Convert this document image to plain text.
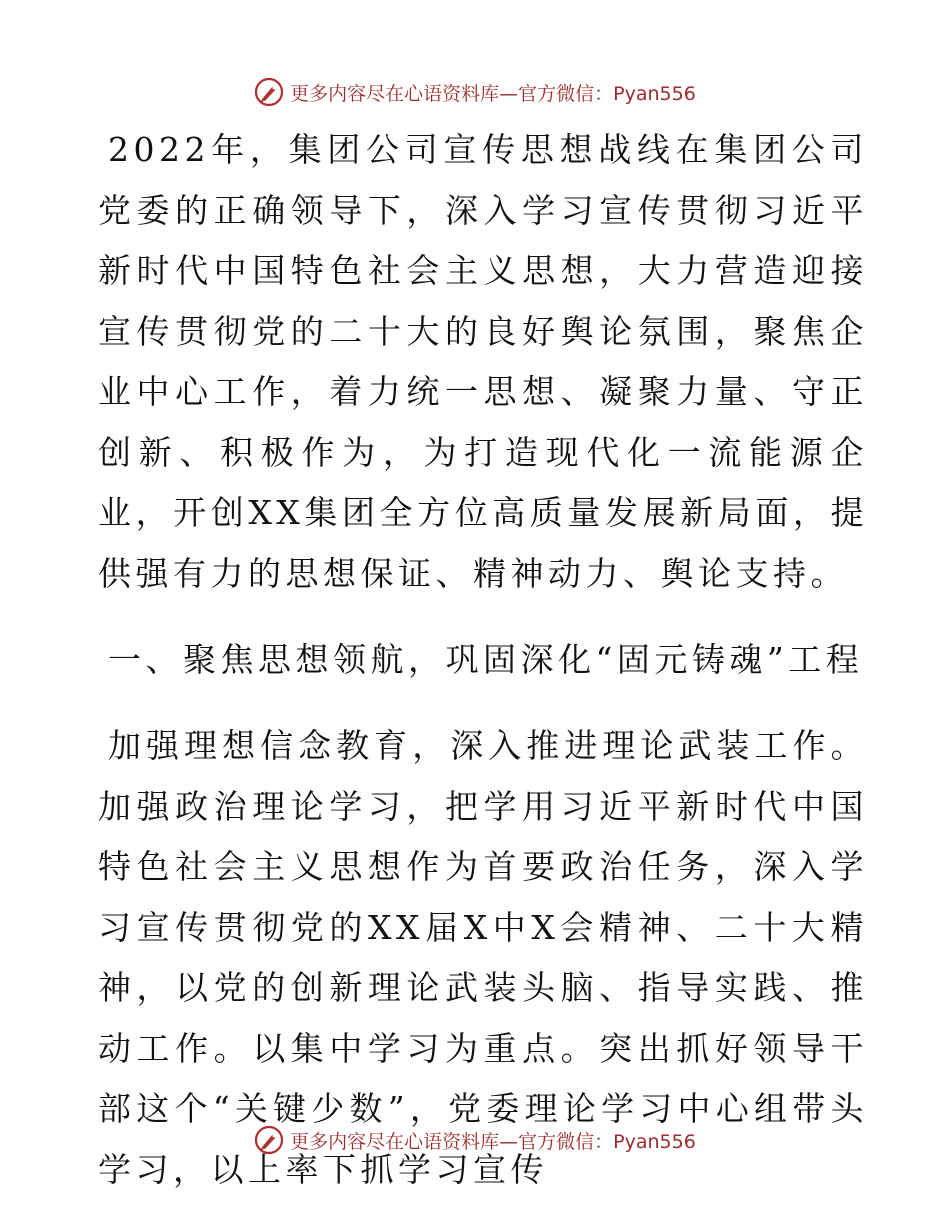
更多内容尽在心语资料库—官方微信：Pyan556

2022年，集团公司宣传思想战线在集团公司党委的正确领导下，深入学习宣传贯彻习近平新时代中国特色社会主义思想，大力营造迎接宣传贯彻党的二十大的良好舆论氛围，聚焦企业中心工作，着力统一思想、凝聚力量、守正创新、积极作为，为打造现代化一流能源企业，开创XX集团全方位高质量发展新局面，提供强有力的思想保证、精神动力、舆论支持。

一、聚焦思想领航，巩固深化“固元铸魂”工程

加强理想信念教育，深入推进理论武装工作。加强政治理论学习，把学用习近平新时代中国特色社会主义思想作为首要政治任务，深入学习宣传贯彻党的XX届X中X会精神、二十大精神，以党的创新理论武装头脑、指导实践、推动工作。以集中学习为重点。突出抓好领导干部这个“关键少数”，党委理论学习中心组带头学习，以上率下抓学习宣传

更多内容尽在心语资料库—官方微信：Pyan556
